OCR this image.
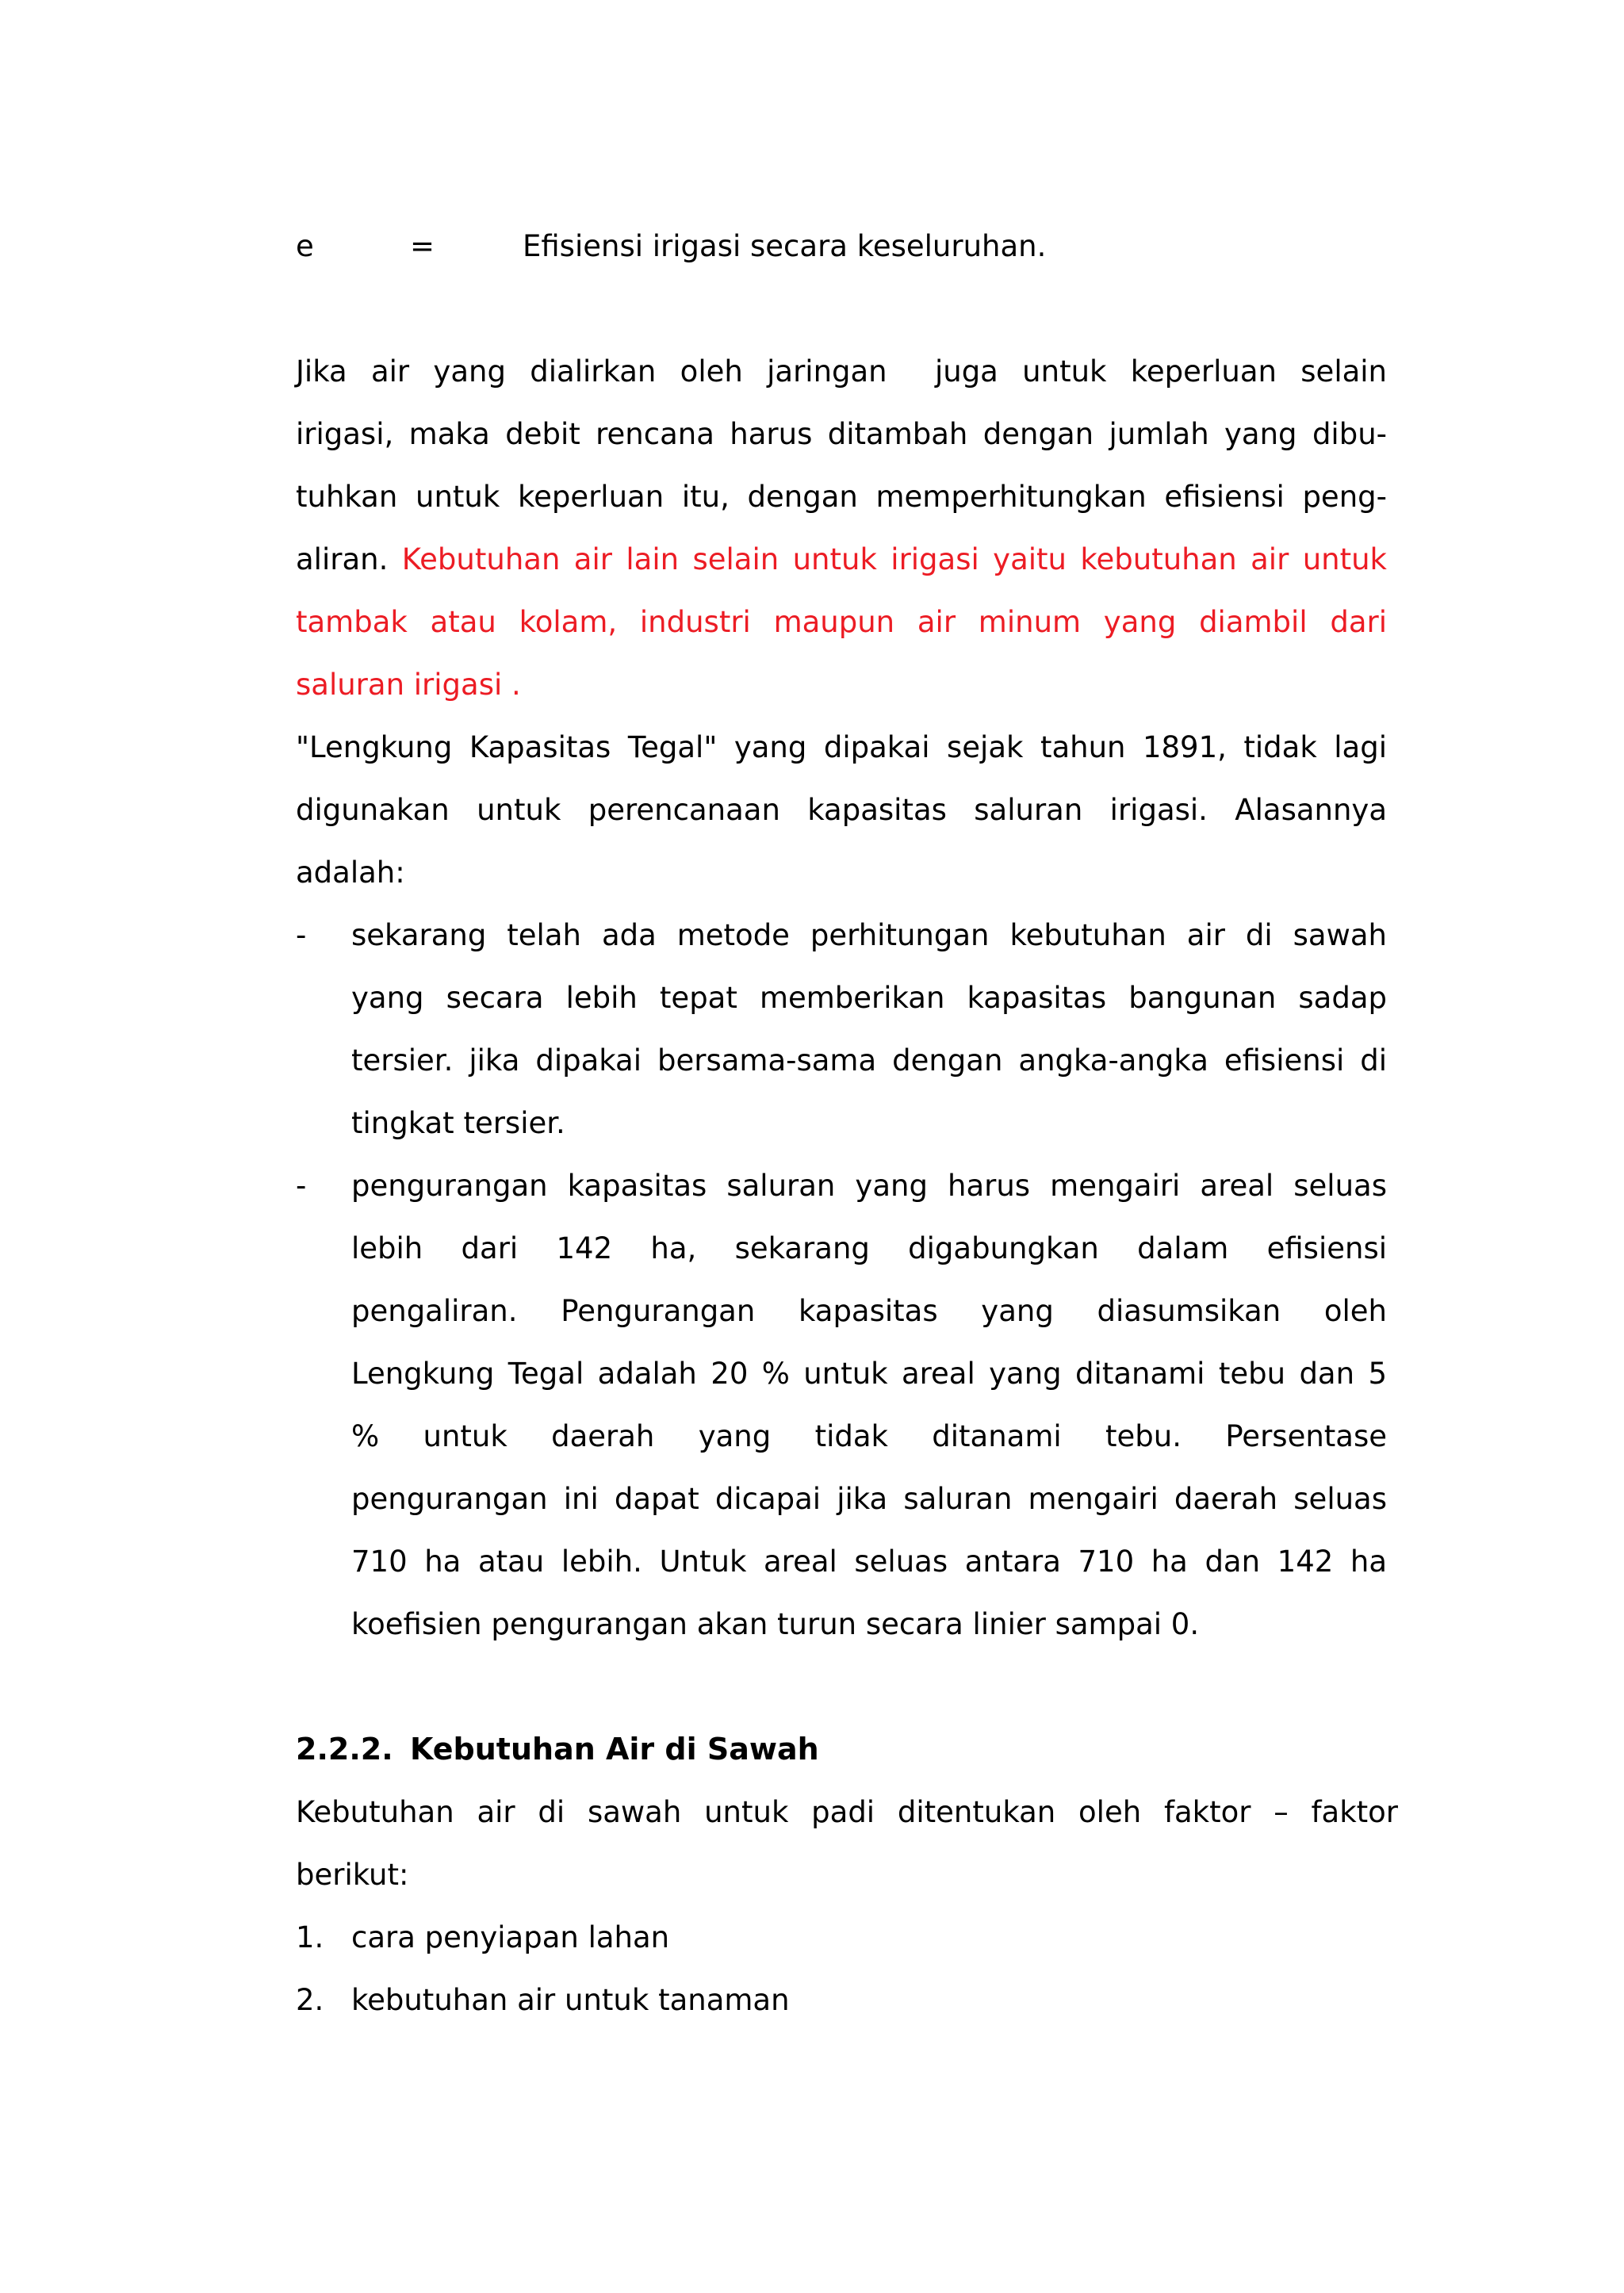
e	=	Efisiensi irigasi secara keseluruhan.
Jika air yang dialirkan oleh jaringan juga untuk keperluan selain
irigasi, maka debit rencana harus ditambah dengan jumlah yang dibu-
tuhkan untuk keperluan itu, dengan memperhitungkan efisiensi peng-
aliran. Kebutuhan air lain selain untuk irigasi yaitu kebutuhan air untuk
tambak atau kolam, industri maupun air minum yang diambil dari
saluran irigasi .
"Lengkung Kapasitas Tegal" yang dipakai sejak tahun 1891, tidak lagi
digunakan untuk perencanaan kapasitas saluran irigasi. Alasannya
adalah:
-	sekarang telah ada metode perhitungan kebutuhan air di sawah
yang secara lebih tepat memberikan kapasitas bangunan sadap
tersier. jika dipakai bersama-sama dengan angka-angka efisiensi di
tingkat tersier.
-	pengurangan kapasitas saluran yang harus mengairi areal seluas
lebih dari 142 ha, sekarang digabungkan dalam efisiensi
pengaliran. Pengurangan kapasitas yang diasumsikan oleh
Lengkung Tegal adalah 20 % untuk areal yang ditanami tebu dan 5
% untuk daerah yang tidak ditanami tebu. Persentase
pengurangan ini dapat dicapai jika saluran mengairi daerah seluas
710 ha atau lebih. Untuk areal seluas antara 710 ha dan 142 ha
koefisien pengurangan akan turun secara linier sampai 0.
2.2.2. Kebutuhan Air di Sawah
Kebutuhan air di sawah untuk padi ditentukan oleh faktor – faktor
berikut:
1. cara penyiapan lahan
2. kebutuhan air untuk tanaman
